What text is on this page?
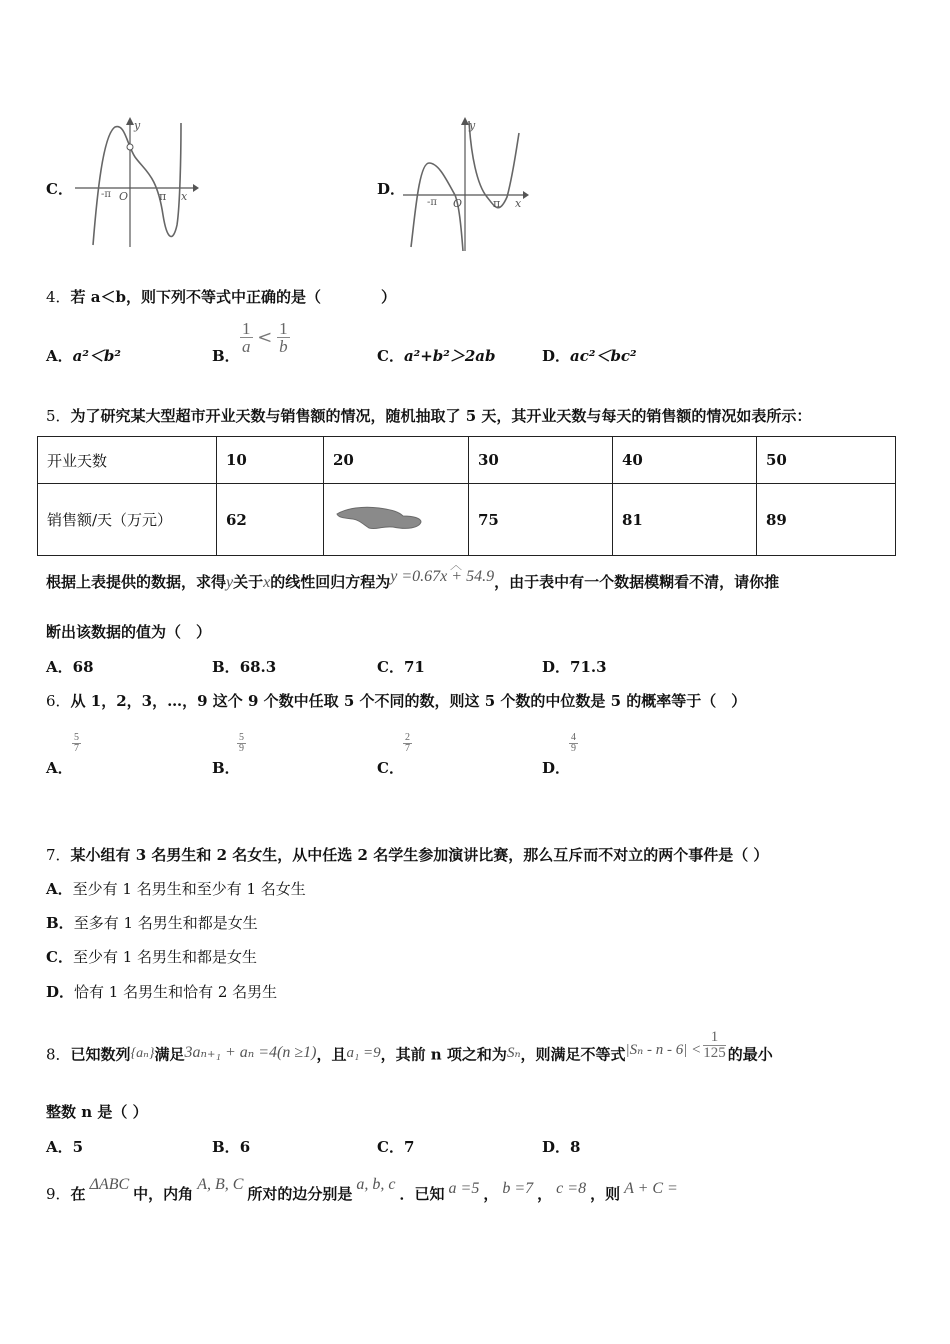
C．	-π O	π
y
x	D．
-π O	π
y
x
4．若 a＜b，则下列不等式中正确的是（　　　　）
A．a²＜b²	B．
$\frac{1}{a} < \frac{1}{b}$
C．a²+b²＞2ab	D．ac²＜bc²
5．为了研究某大型超市开业天数与销售额的情况，随机抽取了 5 天，其开业天数与每天的销售额的情况如表所示：
开业天数	10	20	30	40	50
销售额/天（万元）	62		75	81	89
根据上表提供的数据，求得y关于x的线性回归方程为y =0.67x + 54.9，由于表中有一个数据模糊看不清，请你推
︿
断出该数据的值为（　）
A．68	B．68.3	C．71	D．71.3
6．从 1，2，3，…，9 这个 9 个数中任取 5 个不同的数，则这 5 个数的中位数是 5 的概率等于（　）
A．
$\frac{5}{7}$
B．
$\frac{5}{9}$
C．
$\frac{2}{7}$
D．
$\frac{4}{9}$
7．某小组有 3 名男生和 2 名女生，从中任选 2 名学生参加演讲比赛，那么互斥而不对立的两个事件是（ ）
A．至少有 1 名男生和至少有 1 名女生
B．至多有 1 名男生和都是女生
C．至少有 1 名男生和都是女生
D．恰有 1 名男生和恰有 2 名男生
8．已知数列{aₙ}满足3aₙ₊₁ + aₙ =4(n ≥1)，且a₁ =9，其前 n 项之和为Sₙ，则满足不等式$|S_n - n - 6| < \frac{1}{125}$ 的最小
整数 n 是（ ）
A．5	B．6	C．7	D．8
9．在ΔABC中，内角A, B, C所对的边分别是a, b, c．已知 a =5 ， b =7 ， c =8 ，则 A + C =
